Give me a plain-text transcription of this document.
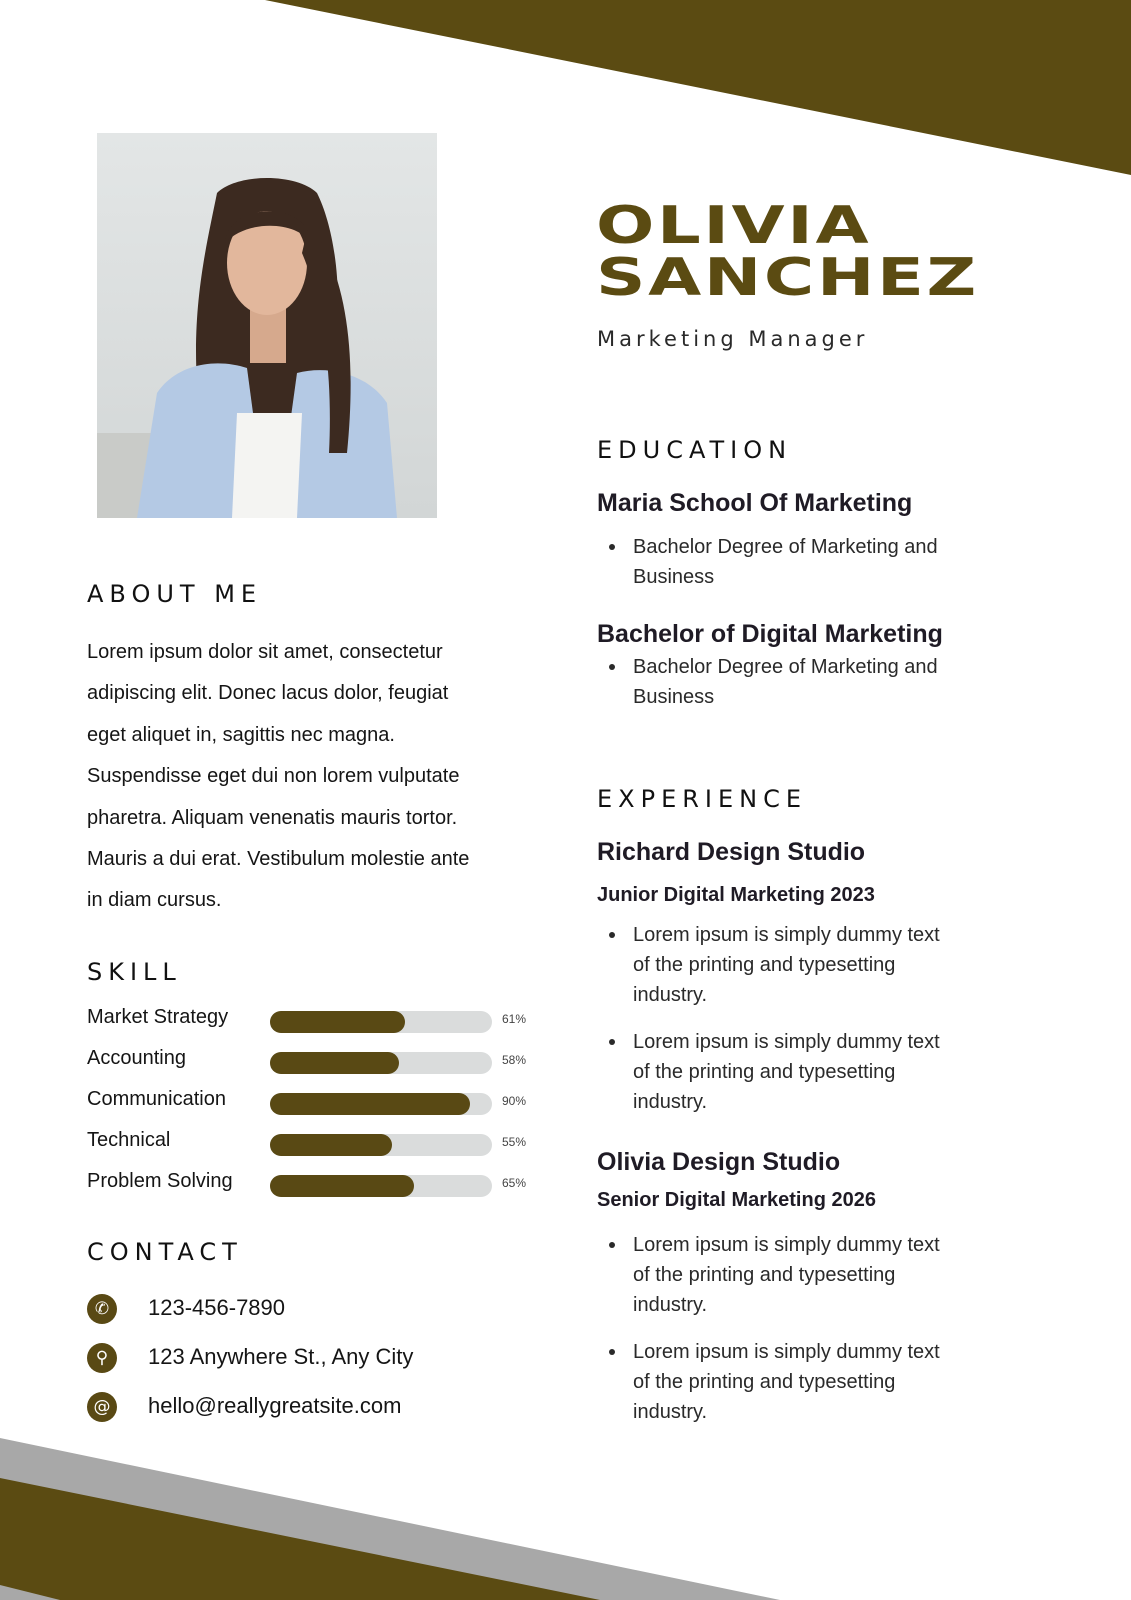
OLIVIA
SANCHEZ

Marketing Manager

ABOUT ME

Lorem ipsum dolor sit amet, consectetur
adipiscing elit. Donec lacus dolor, feugiat
eget aliquet in, sagittis nec magna.
Suspendisse eget dui non lorem vulputate
pharetra. Aliquam venenatis mauris tortor.
Mauris a dui erat. Vestibulum molestie ante
in diam cursus.

SKILL
Market Strategy	61%
Accounting	58%
Communication	90%
Technical	55%
Problem Solving	65%
CONTACT
✆	123-456-7890
⚲	123 Anywhere St., Any City
@ hello@reallygreatsite.com
EDUCATION
Maria School Of Marketing
Bachelor Degree of Marketing and Business
Bachelor of Digital Marketing
Bachelor Degree of Marketing and Business
EXPERIENCE
Richard Design Studio
Junior Digital Marketing 2023
Lorem ipsum is simply dummy text of the printing and typesetting industry.
Lorem ipsum is simply dummy text of the printing and typesetting industry.
Olivia Design Studio
Senior Digital Marketing 2026
Lorem ipsum is simply dummy text of the printing and typesetting industry.
Lorem ipsum is simply dummy text of the printing and typesetting industry.
